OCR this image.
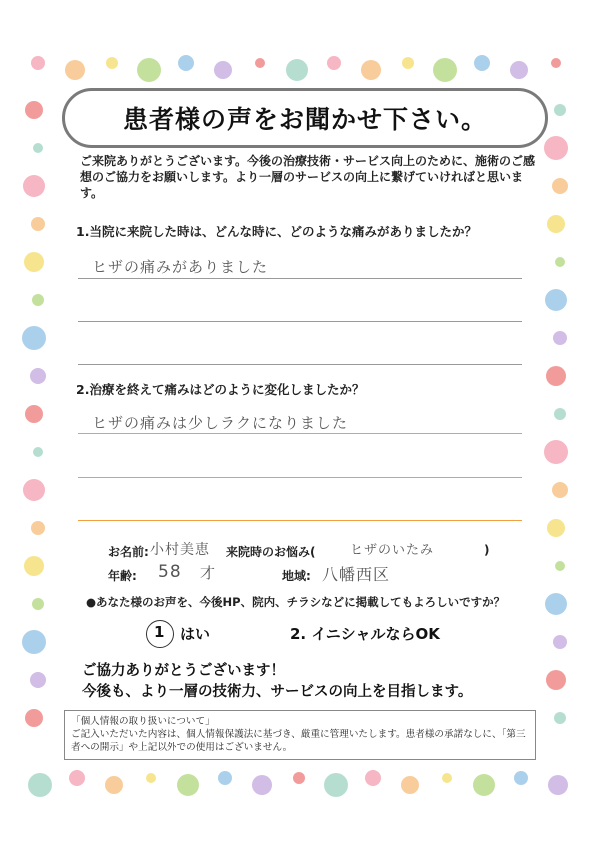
患者様の声をお聞かせ下さい。
ご来院ありがとうございます。今後の治療技術・サービス向上のために、施術のご感想のご協力をお願いします。より一層のサービスの向上に繋げていければと思います。
1.当院に来院した時は、どんな時に、どのような痛みがありましたか？
ヒザの痛みがありました
2.治療を終えて痛みはどのように変化しましたか？
ヒザの痛みは少しラクになりました
お名前: 小村美恵 来院時のお悩み(	ヒザのいたみ	)
年齢: 58 才	地域: 八幡西区
●あなた様のお声を、今後HP、院内、チラシなどに掲載してもよろしいですか？
1 はい	2. イニシャルならOK
ご協力ありがとうございます！
今後も、より一層の技術力、サービスの向上を目指します。
「個人情報の取り扱いについて」
ご記入いただいた内容は、個人情報保護法に基づき、厳重に管理いたします。患者様の承諾なしに、「第三者への開示」や上記以外での使用はございません。
